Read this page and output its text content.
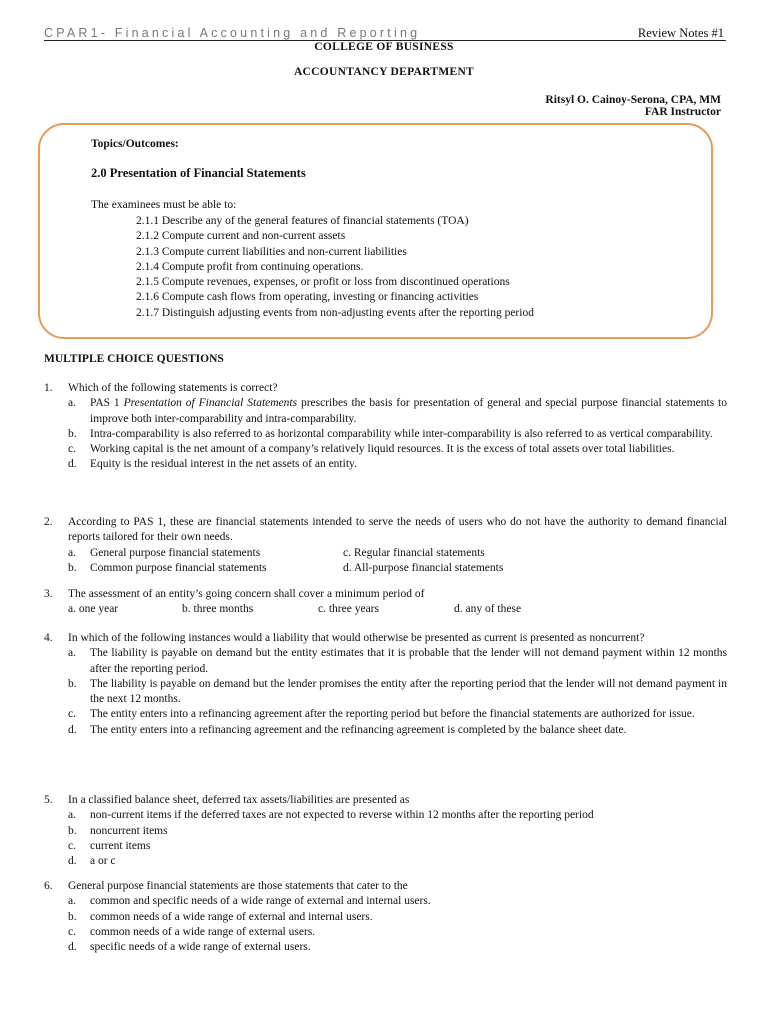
CPAR1- Financial Accounting and Reporting	Review Notes #1
COLLEGE OF BUSINESS
ACCOUNTANCY DEPARTMENT
Ritsyl O. Cainoy-Serona, CPA, MM
FAR Instructor
Topics/Outcomes:
2.0 Presentation of Financial Statements
The examinees must be able to:
2.1.1 Describe any of the general features of financial statements (TOA)
2.1.2 Compute current and non-current assets
2.1.3 Compute current liabilities and non-current liabilities
2.1.4 Compute profit from continuing operations.
2.1.5 Compute revenues, expenses, or profit or loss from discontinued operations
2.1.6 Compute cash flows from operating, investing or financing activities
2.1.7 Distinguish adjusting events from non-adjusting events after the reporting period
MULTIPLE CHOICE QUESTIONS
1.	Which of the following statements is correct?
a.	PAS 1 Presentation of Financial Statements prescribes the basis for presentation of general and special purpose financial statements to improve both inter-comparability and intra-comparability.
b.	Intra-comparability is also referred to as horizontal comparability while inter-comparability is also referred to as vertical comparability.
c.	Working capital is the net amount of a company’s relatively liquid resources. It is the excess of total assets over total liabilities.
d.	Equity is the residual interest in the net assets of an entity.
2.	According to PAS 1, these are financial statements intended to serve the needs of users who do not have the authority to demand financial reports tailored for their own needs.
a.	General purpose financial statements	c. Regular financial statements
b.	Common purpose financial statements	d. All-purpose financial statements
3.	The assessment of an entity’s going concern shall cover a minimum period of
a. one year	b. three months	c. three years	d. any of these
4.	In which of the following instances would a liability that would otherwise be presented as current is presented as noncurrent?
a.	The liability is payable on demand but the entity estimates that it is probable that the lender will not demand payment within 12 months after the reporting period.
b.	The liability is payable on demand but the lender promises the entity after the reporting period that the lender will not demand payment in the next 12 months.
c.	The entity enters into a refinancing agreement after the reporting period but before the financial statements are authorized for issue.
d.	The entity enters into a refinancing agreement and the refinancing agreement is completed by the balance sheet date.
5.	In a classified balance sheet, deferred tax assets/liabilities are presented as
a.	non-current items if the deferred taxes are not expected to reverse within 12 months after the reporting period
b.	noncurrent items
c.	current items
d.	a or c
6.	General purpose financial statements are those statements that cater to the
a.	common and specific needs of a wide range of external and internal users.
b.	common needs of a wide range of external and internal users.
c.	common needs of a wide range of external users.
d.	specific needs of a wide range of external users.
